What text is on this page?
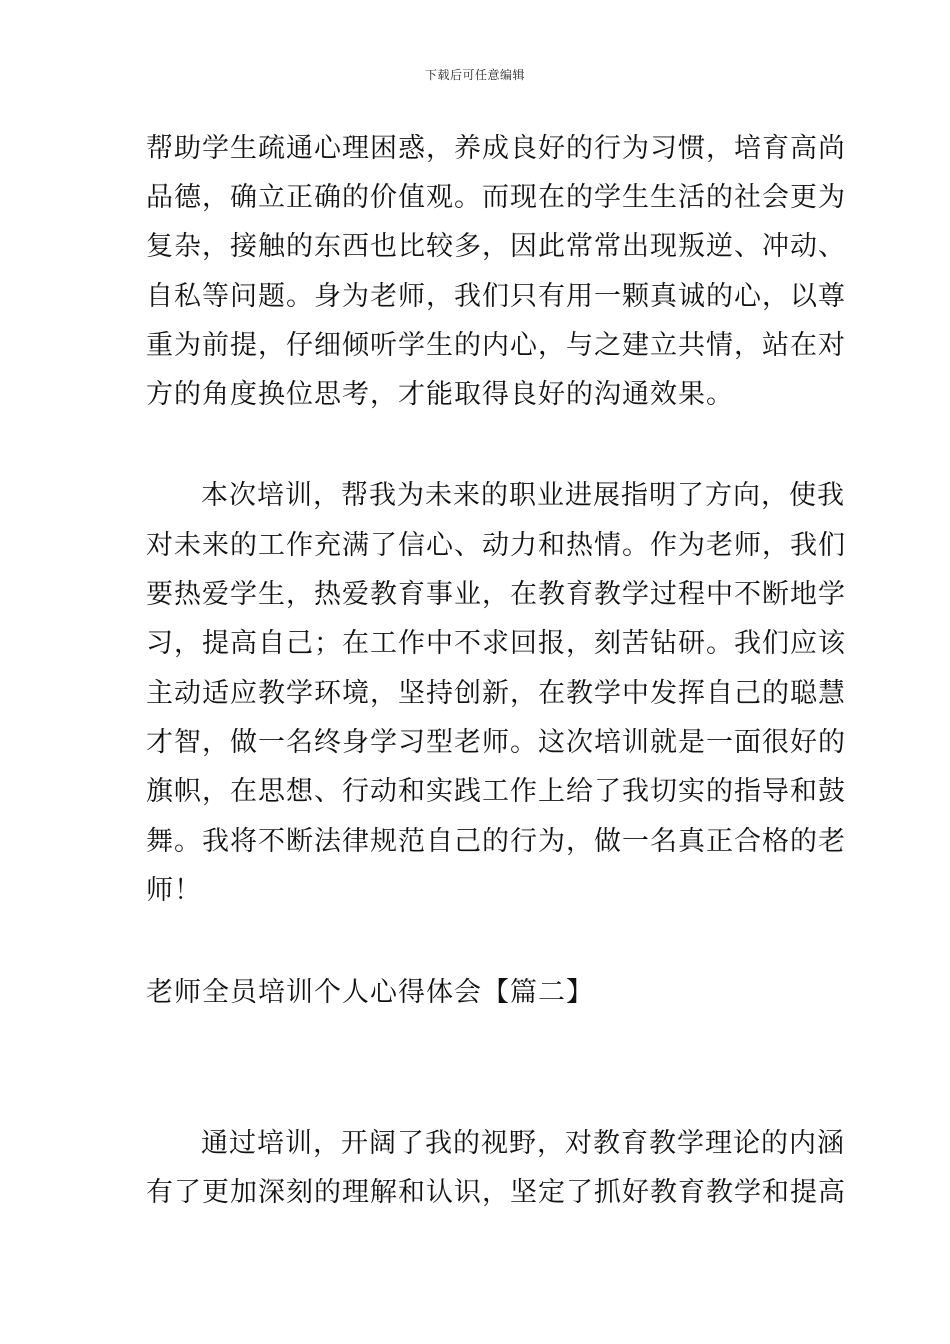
下载后可任意编辑
帮助学生疏通心理困惑，养成良好的行为习惯，培育高尚
品德，确立正确的价值观。而现在的学生生活的社会更为
复杂，接触的东西也比较多，因此常常出现叛逆、冲动、
自私等问题。身为老师，我们只有用一颗真诚的心，以尊
重为前提，仔细倾听学生的内心，与之建立共情，站在对
方的角度换位思考，才能取得良好的沟通效果。
本次培训，帮我为未来的职业进展指明了方向，使我
对未来的工作充满了信心、动力和热情。作为老师，我们
要热爱学生，热爱教育事业，在教育教学过程中不断地学
习，提高自己；在工作中不求回报，刻苦钻研。我们应该
主动适应教学环境，坚持创新，在教学中发挥自己的聪慧
才智，做一名终身学习型老师。这次培训就是一面很好的
旗帜，在思想、行动和实践工作上给了我切实的指导和鼓
舞。我将不断法律规范自己的行为，做一名真正合格的老
师！
老师全员培训个人心得体会【篇二】
通过培训，开阔了我的视野，对教育教学理论的内涵
有了更加深刻的理解和认识，坚定了抓好教育教学和提高
